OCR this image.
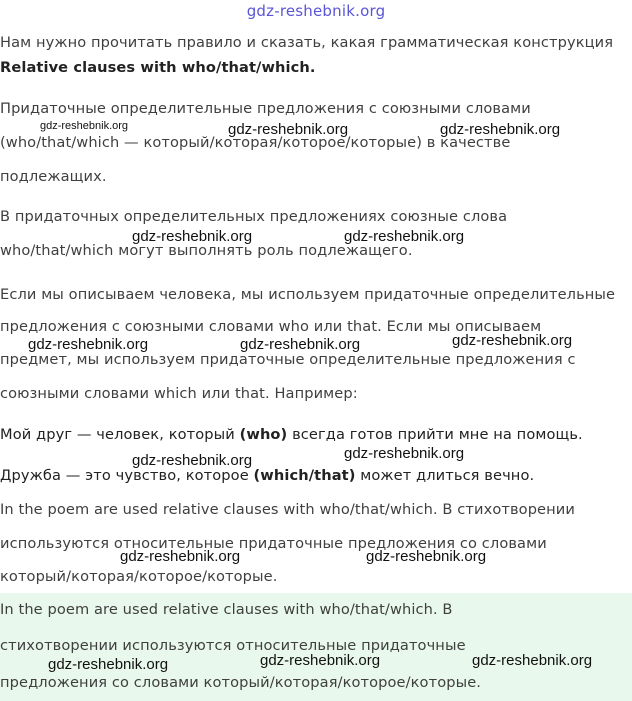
gdz-reshebnik.org

Нам нужно прочитать правило и сказать, какая грамматическая конструкция

Relative clauses with who/that/which.

Придаточные определительные предложения с союзными словами

(who/that/which — который/которая/которое/которые) в качестве

подлежащих.

В придаточных определительных предложениях союзные слова

who/that/which могут выполнять роль подлежащего.

Если мы описываем человека, мы используем придаточные определительные

предложения с союзными словами who или that. Если мы описываем

предмет, мы используем придаточные определительные предложения с

союзными словами which или that. Например:

Мой друг — человек, который (who) всегда готов прийти мне на помощь.

Дружба — это чувство, которое (which/that) может длиться вечно.

In the poem are used relative clauses with who/that/which. В стихотворении

используются относительные придаточные предложения со словами

который/которая/которое/которые.

In the poem are used relative clauses with who/that/which. В

стихотворении используются относительные придаточные

предложения со словами который/которая/которое/которые.

gdz-reshebnik.org	gdz-reshebnik.org	gdz-reshebnik.org
gdz-reshebnik.org	gdz-reshebnik.org
gdz-reshebnik.org	gdz-reshebnik.org	gdz-reshebnik.org
gdz-reshebnik.org	gdz-reshebnik.org
gdz-reshebnik.org	gdz-reshebnik.org
gdz-reshebnik.org	gdz-reshebnik.org	gdz-reshebnik.org
